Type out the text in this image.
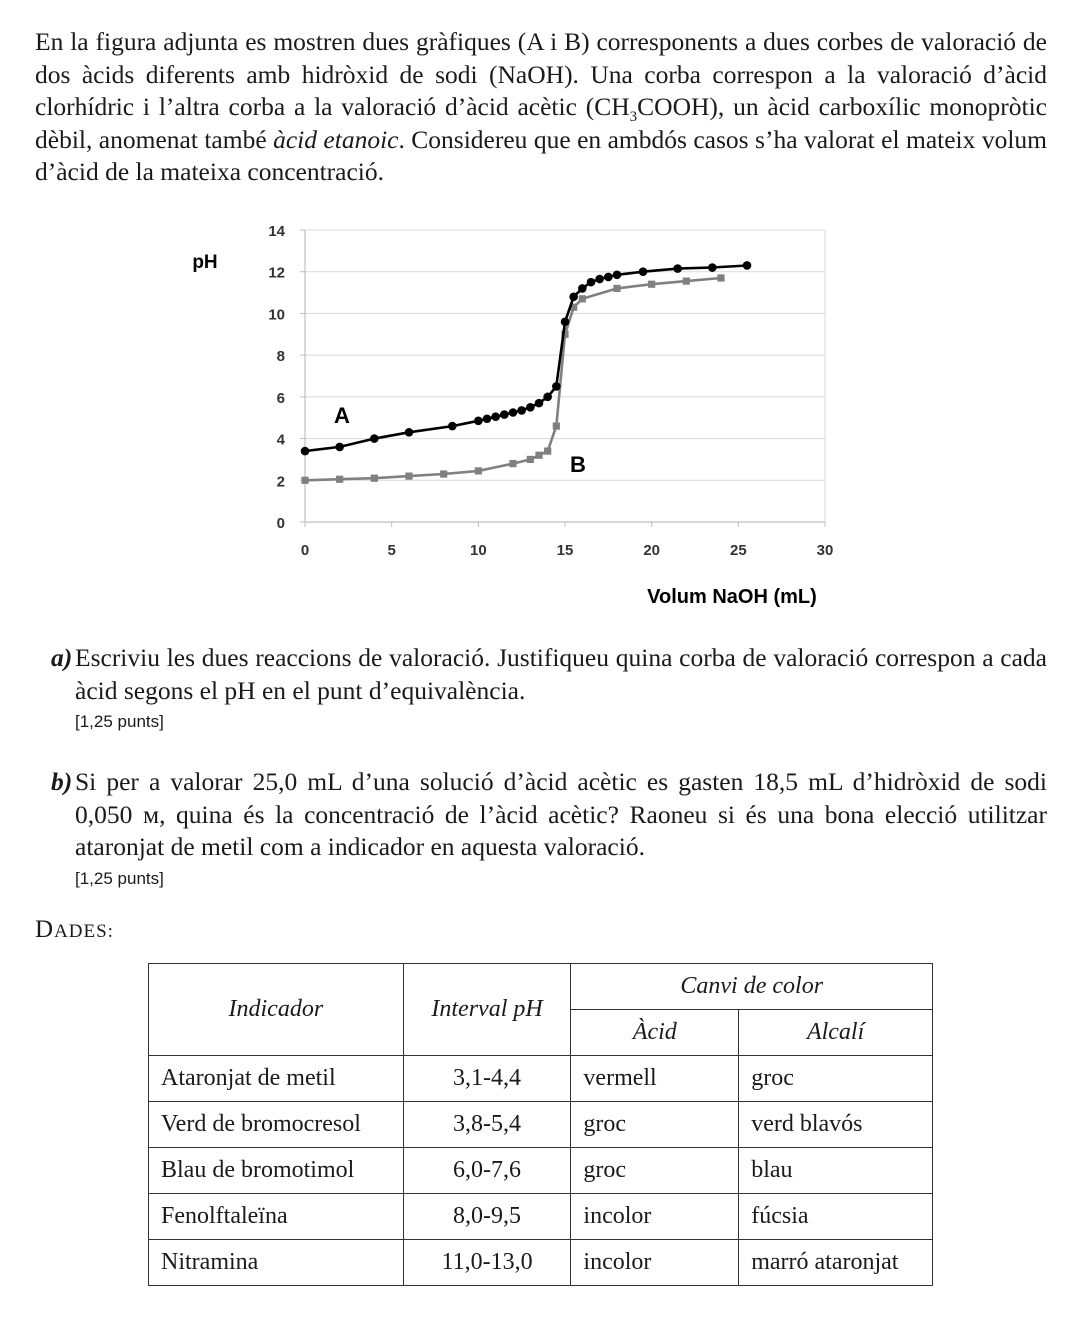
En la figura adjunta es mostren dues gràfiques (A i B) corresponents a dues corbes de valoració de dos àcids diferents amb hidròxid de sodi (NaOH). Una corba correspon a la valoració d’àcid clorhídric i l’altra corba a la valoració d’àcid acètic $(CH_3COOH)$, un àcid carboxílic monopròtic dèbil, anomenat també àcid etanoic. Considereu que en ambdós casos s’ha valorat el mateix volum d’àcid de la mateixa concentració.
0
2
4
6
8
10
12
14
0	5	10	15	20	25	30
pH
Volum NaOH (mL)
A
B
a) Escriviu les dues reaccions de valoració. Justifiqueu quina corba de valoració correspon a cada àcid segons el pH en el punt d’equivalència.
[1,25 punts]
b) Si per a valorar 25,0 mL d’una solució d’àcid acètic es gasten 18,5 mL d’hidròxid de sodi 0,050 м, quina és la concentració de l’àcid acètic? Raoneu si és una bona elecció utilitzar ataronjat de metil com a indicador en aquesta valoració.
[1,25 punts]
DADES:
Indicador	Interval pH	Canvi de color	
		Àcid	Alcalí
Ataronjat de metil	3,1-4,4	vermell	groc
Verd de bromocresol	3,8-5,4	groc	verd blavós
Blau de bromotimol	6,0-7,6	groc	blau
Fenolftaleïna	8,0-9,5	incolor	fúcsia
Nitramina	11,0-13,0	incolor	marró ataronjat
